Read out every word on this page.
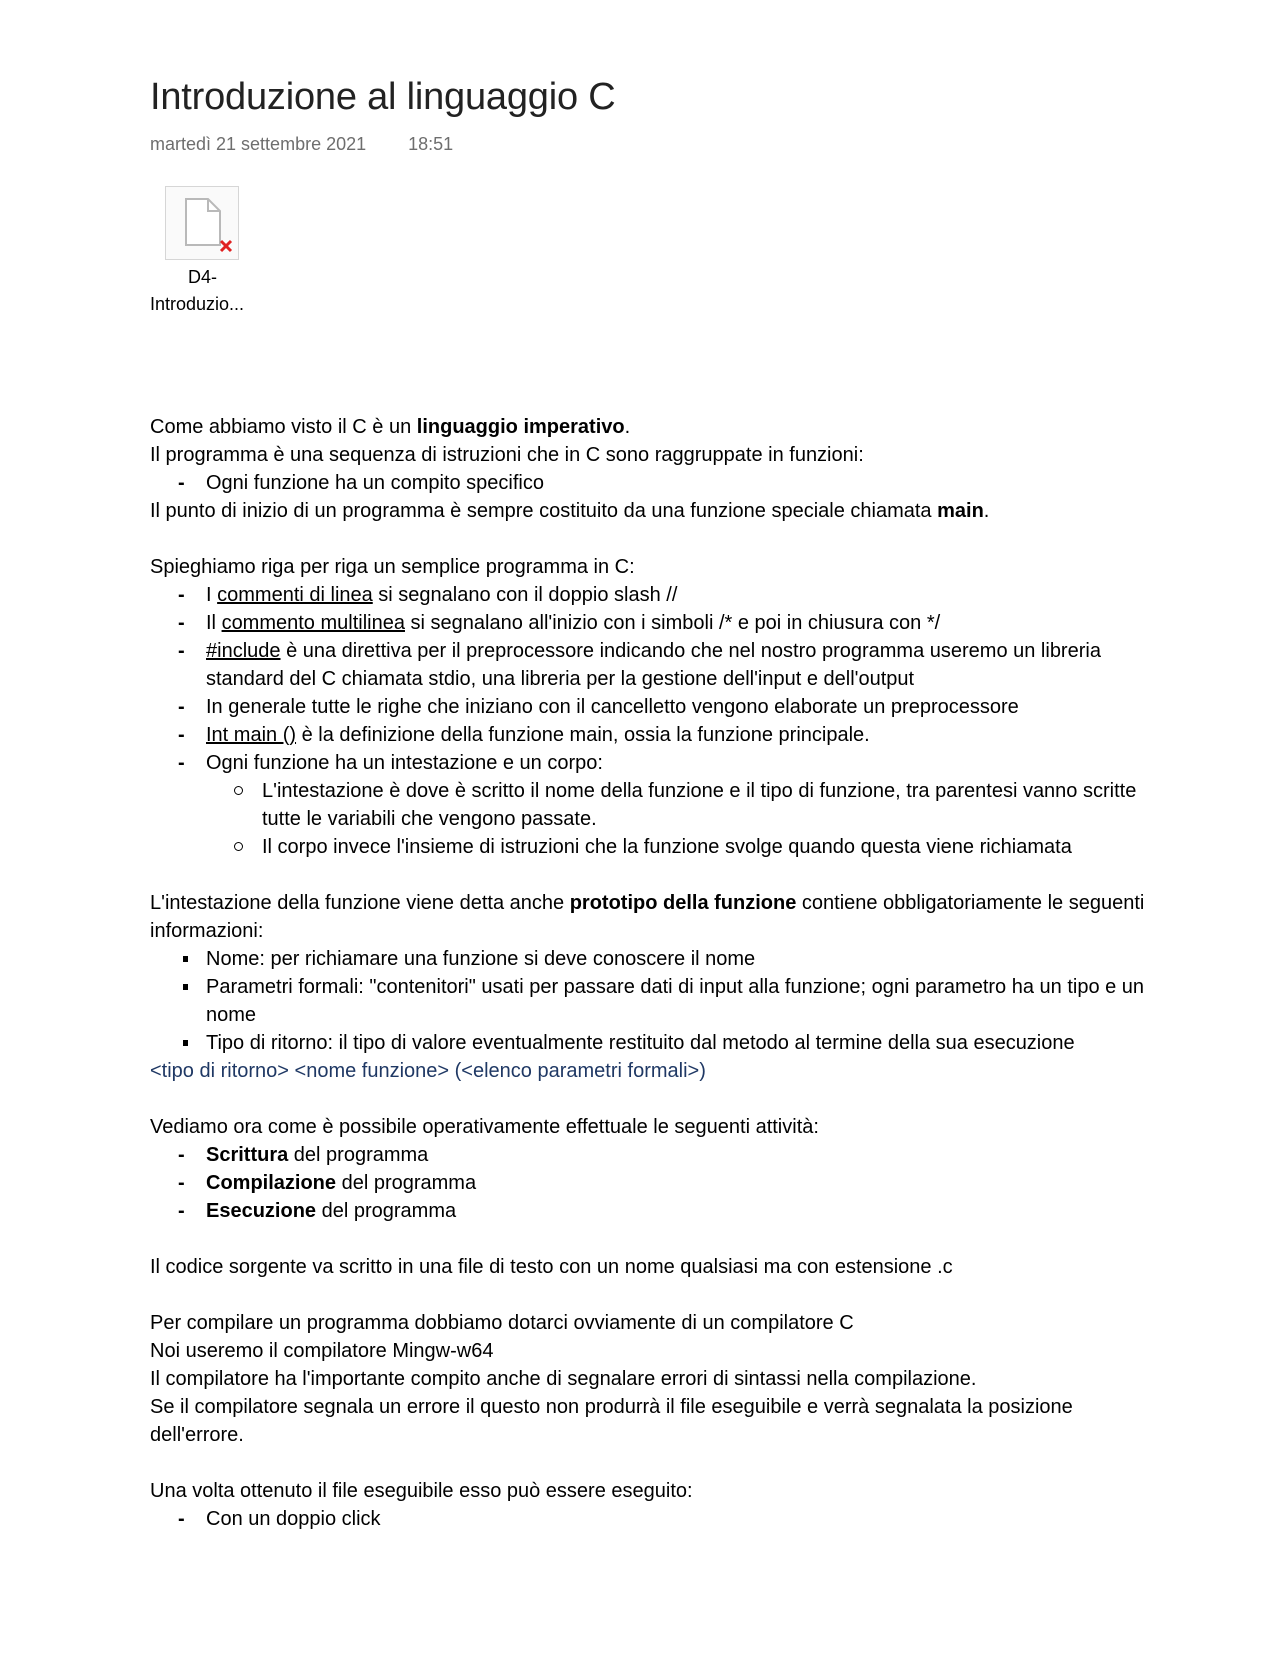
Introduzione al linguaggio C
martedì 21 settembre 2021 18:51
D4-
Introduzio...

Come abbiamo visto il C è un linguaggio imperativo.

Il programma è una sequenza di istruzioni che in C sono raggruppate in funzioni:

- Ogni funzione ha un compito specifico

Il punto di inizio di un programma è sempre costituito da una funzione speciale chiamata main.

Spieghiamo riga per riga un semplice programma in C:

- I commenti di linea si segnalano con il doppio slash //
- Il commento multilinea si segnalano all'inizio con i simboli /* e poi in chiusura con */
- #include è una direttiva per il preprocessore indicando che nel nostro programma useremo un libreria standard del C chiamata stdio, una libreria per la gestione dell'input e dell'output
- In generale tutte le righe che iniziano con il cancelletto vengono elaborate un preprocessore
- Int main () è la definizione della funzione main, ossia la funzione principale.
- Ogni funzione ha un intestazione e un corpo:
L'intestazione è dove è scritto il nome della funzione e il tipo di funzione, tra parentesi vanno scritte tutte le variabili che vengono passate.
Il corpo invece l'insieme di istruzioni che la funzione svolge quando questa viene richiamata

L'intestazione della funzione viene detta anche prototipo della funzione contiene obbligatoriamente le seguenti informazioni:

Nome: per richiamare una funzione si deve conoscere il nome
Parametri formali: "contenitori" usati per passare dati di input alla funzione; ogni parametro ha un tipo e un nome
Tipo di ritorno: il tipo di valore eventualmente restituito dal metodo al termine della sua esecuzione

<tipo di ritorno> <nome funzione> (<elenco parametri formali>)

Vediamo ora come è possibile operativamente effettuale le seguenti attività:

- Scrittura del programma
- Compilazione del programma
- Esecuzione del programma

Il codice sorgente va scritto in una file di testo con un nome qualsiasi ma con estensione .c

Per compilare un programma dobbiamo dotarci ovviamente di un compilatore C

Noi useremo il compilatore Mingw-w64

Il compilatore ha l'importante compito anche di segnalare errori di sintassi nella compilazione.

Se il compilatore segnala un errore il questo non produrrà il file eseguibile e verrà segnalata la posizione dell'errore.

Una volta ottenuto il file eseguibile esso può essere eseguito:

- Con un doppio click
